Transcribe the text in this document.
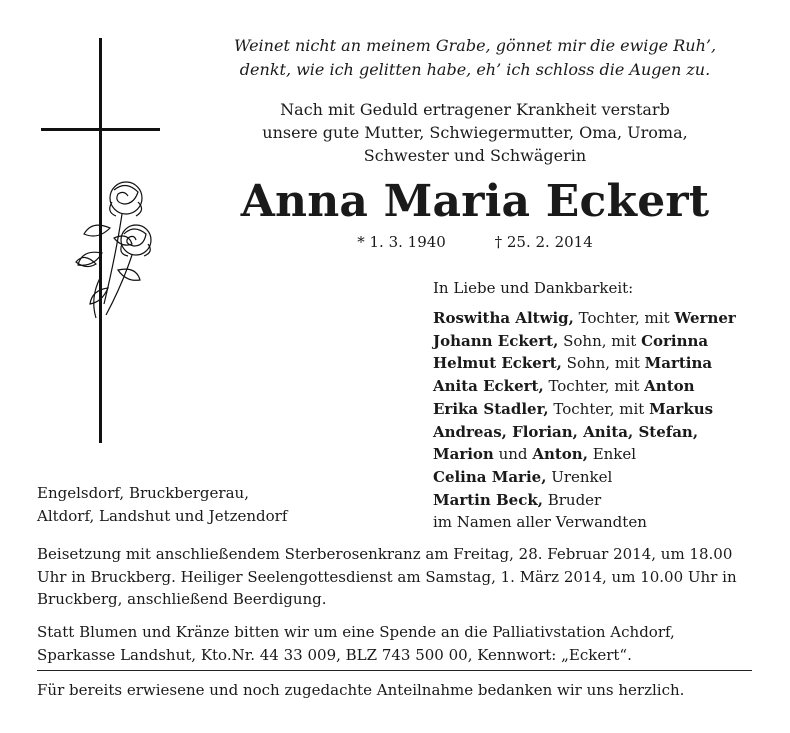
Weinet nicht an meinem Grabe, gönnet mir die ewige Ruh’,
denkt, wie ich gelitten habe, eh’ ich schloss die Augen zu.
Nach mit Geduld ertragener Krankheit verstarb
unsere gute Mutter, Schwiegermutter, Oma, Uroma,
Schwester und Schwägerin
Anna Maria Eckert
* 1. 3. 1940	† 25. 2. 2014
In Liebe und Dankbarkeit:
Roswitha Altwig, Tochter, mit Werner
Johann Eckert, Sohn, mit Corinna
Helmut Eckert, Sohn, mit Martina
Anita Eckert, Tochter, mit Anton
Erika Stadler, Tochter, mit Markus
Andreas, Florian, Anita, Stefan,
Marion und Anton, Enkel
Celina Marie, Urenkel
Martin Beck, Bruder
im Namen aller Verwandten
Engelsdorf, Bruckbergerau,
Altdorf, Landshut und Jetzendorf
Beisetzung mit anschließendem Sterberosenkranz am Freitag, 28. Februar 2014, um 18.00 Uhr in Bruckberg. Heiliger Seelengottesdienst am Samstag, 1. März 2014, um 10.00 Uhr in Bruckberg, anschließend Beerdigung.
Statt Blumen und Kränze bitten wir um eine Spende an die Palliativstation Achdorf, Sparkasse Landshut, Kto.Nr. 44 33 009, BLZ 743 500 00, Kennwort: „Eckert“.
Für bereits erwiesene und noch zugedachte Anteilnahme bedanken wir uns herzlich.
